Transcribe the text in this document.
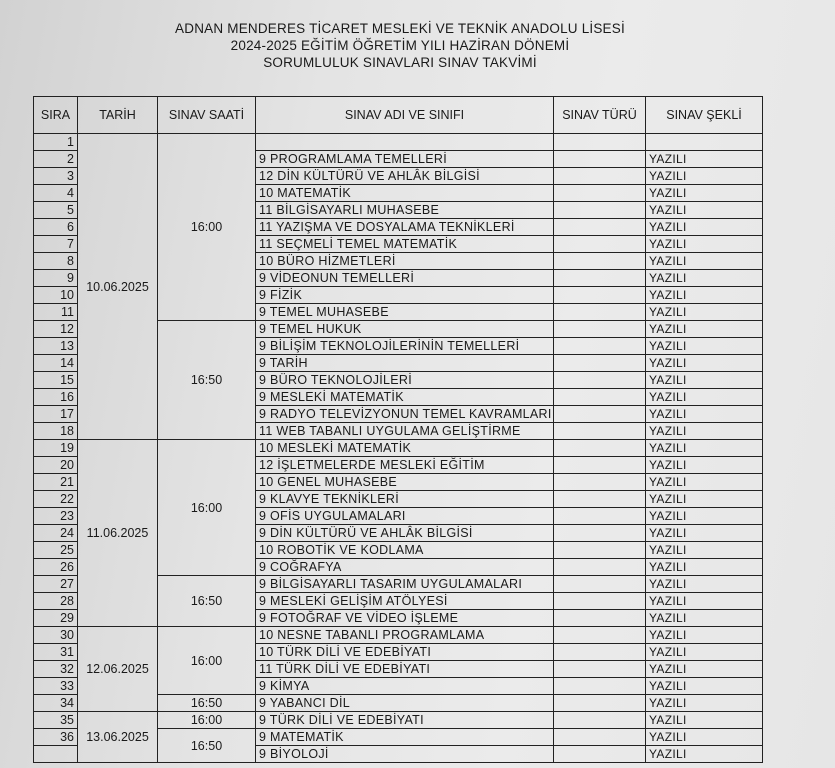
ADNAN MENDERES TİCARET MESLEKİ VE TEKNİK ANADOLU LİSESİ
2024-2025 EĞİTİM ÖĞRETİM YILI HAZİRAN DÖNEMİ
SORUMLULUK SINAVLARI SINAV TAKVİMİ
SIRA	TARİH	SINAV SAATİ	SINAV ADI VE SINIFI	SINAV TÜRÜ	SINAV ŞEKLİ
1	10.06.2025	16:00			
2			9 PROGRAMLAMA TEMELLERİ		YAZILI
3			12 DİN KÜLTÜRÜ VE AHLÂK BİLGİSİ		YAZILI
4			10 MATEMATİK		YAZILI
5			11 BİLGİSAYARLI MUHASEBE		YAZILI
6			11 YAZIŞMA VE DOSYALAMA TEKNİKLERİ		YAZILI
7			11 SEÇMELİ TEMEL MATEMATİK		YAZILI
8			10 BÜRO HİZMETLERİ		YAZILI
9			9 VİDEONUN TEMELLERİ		YAZILI
10			9 FİZİK		YAZILI
11			9 TEMEL MUHASEBE		YAZILI
12		16:50	9 TEMEL HUKUK		YAZILI
13			9 BİLİŞİM TEKNOLOJİLERİNİN TEMELLERİ		YAZILI
14			9 TARİH		YAZILI
15			9 BÜRO TEKNOLOJİLERİ		YAZILI
16			9 MESLEKİ MATEMATİK		YAZILI
17			9 RADYO TELEVİZYONUN TEMEL KAVRAMLARI		YAZILI
18			11 WEB TABANLI UYGULAMA GELİŞTİRME		YAZILI
19	11.06.2025	16:00	10 MESLEKİ MATEMATİK		YAZILI
20			12 İŞLETMELERDE MESLEKİ EĞİTİM		YAZILI
21			10 GENEL MUHASEBE		YAZILI
22			9 KLAVYE TEKNİKLERİ		YAZILI
23			9 OFİS UYGULAMALARI		YAZILI
24			9 DİN KÜLTÜRÜ VE AHLÂK BİLGİSİ		YAZILI
25			10 ROBOTİK VE KODLAMA		YAZILI
26			9 COĞRAFYA		YAZILI
27		16:50	9 BİLGİSAYARLI TASARIM UYGULAMALARI		YAZILI
28			9 MESLEKİ GELİŞİM ATÖLYESİ		YAZILI
29			9 FOTOĞRAF VE VİDEO İŞLEME		YAZILI
30	12.06.2025	16:00	10 NESNE TABANLI PROGRAMLAMA		YAZILI
31			10 TÜRK DİLİ VE EDEBİYATI		YAZILI
32			11 TÜRK DİLİ VE EDEBİYATI		YAZILI
33			9 KİMYA		YAZILI
34		16:50	9 YABANCI DİL		YAZILI
35	13.06.2025	16:00	9 TÜRK DİLİ VE EDEBİYATI		YAZILI
36		16:50	9 MATEMATİK		YAZILI
			9 BİYOLOJİ		YAZILI
